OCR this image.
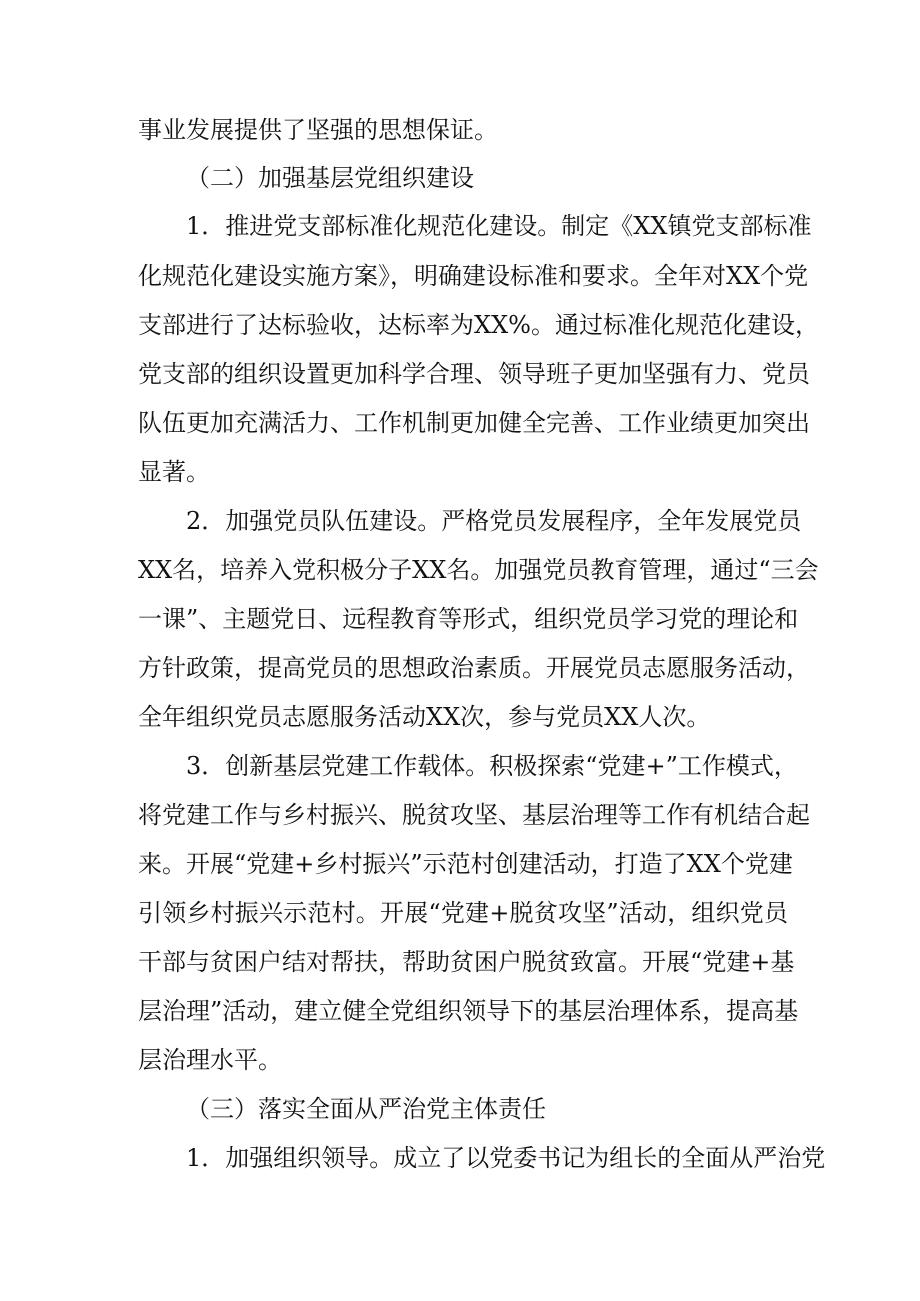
事业发展提供了坚强的思想保证。
（二）加强基层党组织建设
1．推进党支部标准化规范化建设。制定《XX镇党支部标准
化规范化建设实施方案》，明确建设标准和要求。全年对XX个党
支部进行了达标验收，达标率为XX%。通过标准化规范化建设，
党支部的组织设置更加科学合理、领导班子更加坚强有力、党员
队伍更加充满活力、工作机制更加健全完善、工作业绩更加突出
显著。
2．加强党员队伍建设。严格党员发展程序，全年发展党员
XX名，培养入党积极分子XX名。加强党员教育管理，通过“三会
一课”、主题党日、远程教育等形式，组织党员学习党的理论和
方针政策，提高党员的思想政治素质。开展党员志愿服务活动，
全年组织党员志愿服务活动XX次，参与党员XX人次。
3．创新基层党建工作载体。积极探索“党建+”工作模式，
将党建工作与乡村振兴、脱贫攻坚、基层治理等工作有机结合起
来。开展“党建+乡村振兴”示范村创建活动，打造了XX个党建
引领乡村振兴示范村。开展“党建+脱贫攻坚”活动，组织党员
干部与贫困户结对帮扶，帮助贫困户脱贫致富。开展“党建+基
层治理”活动，建立健全党组织领导下的基层治理体系，提高基
层治理水平。
（三）落实全面从严治党主体责任
1．加强组织领导。成立了以党委书记为组长的全面从严治党
